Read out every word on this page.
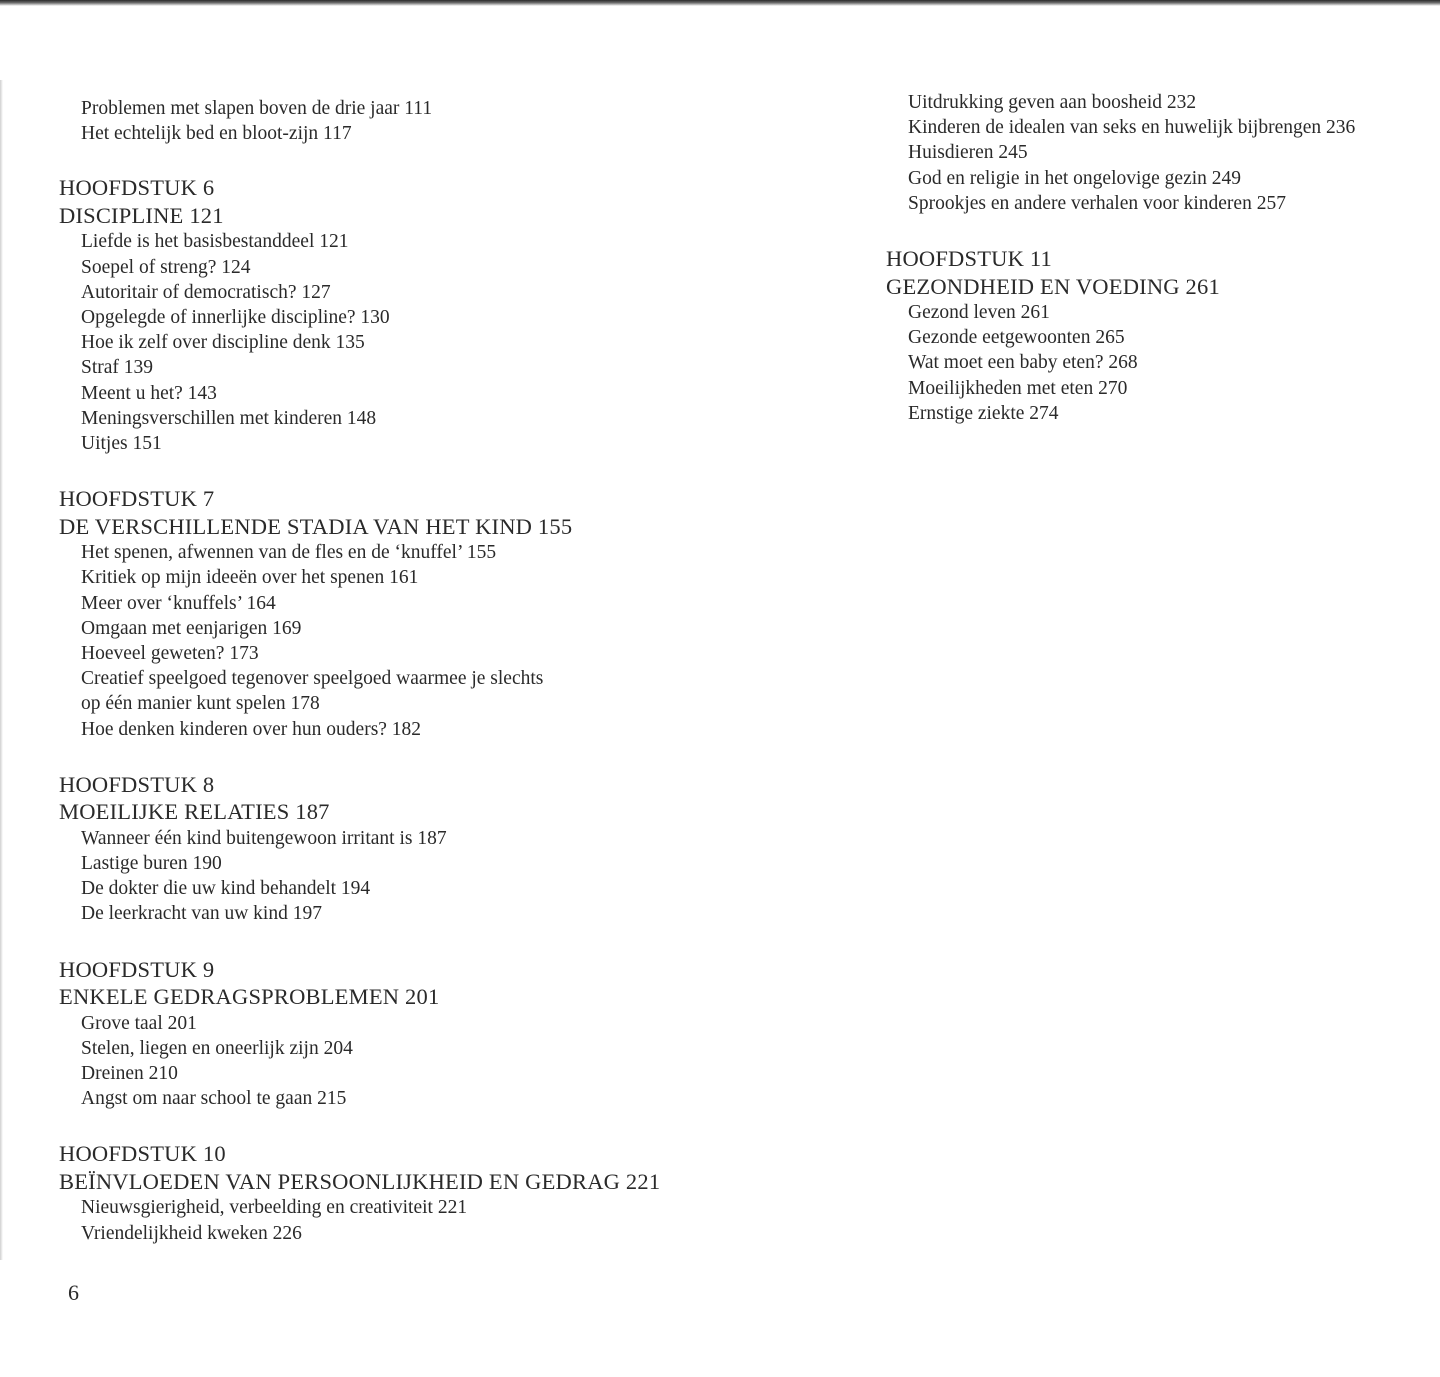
Problemen met slapen boven de drie jaar 111

Het echtelijk bed en bloot-zijn 117

HOOFDSTUK 6
DISCIPLINE 121
Liefde is het basisbestanddeel 121
Soepel of streng? 124
Autoritair of democratisch? 127
Opgelegde of innerlijke discipline? 130
Hoe ik zelf over discipline denk 135
Straf 139
Meent u het? 143
Meningsverschillen met kinderen 148
Uitjes 151
HOOFDSTUK 7
DE VERSCHILLENDE STADIA VAN HET KIND 155
Het spenen, afwennen van de fles en de ‘knuffel’ 155
Kritiek op mijn ideeën over het spenen 161
Meer over ‘knuffels’ 164
Omgaan met eenjarigen 169
Hoeveel geweten? 173
Creatief speelgoed tegenover speelgoed waarmee je slechts
op één manier kunt spelen 178
Hoe denken kinderen over hun ouders? 182
HOOFDSTUK 8
MOEILIJKE RELATIES 187
Wanneer één kind buitengewoon irritant is 187
Lastige buren 190
De dokter die uw kind behandelt 194
De leerkracht van uw kind 197
HOOFDSTUK 9
ENKELE GEDRAGSPROBLEMEN 201
Grove taal 201
Stelen, liegen en oneerlijk zijn 204
Dreinen 210
Angst om naar school te gaan 215
HOOFDSTUK 10
BEÏNVLOEDEN VAN PERSOONLIJKHEID EN GEDRAG 221
Nieuwsgierigheid, verbeelding en creativiteit 221
Vriendelijkheid kweken 226

Uitdrukking geven aan boosheid 232

Kinderen de idealen van seks en huwelijk bijbrengen 236

Huisdieren 245

God en religie in het ongelovige gezin 249

Sprookjes en andere verhalen voor kinderen 257

HOOFDSTUK 11
GEZONDHEID EN VOEDING 261
Gezond leven 261
Gezonde eetgewoonten 265
Wat moet een baby eten? 268
Moeilijkheden met eten 270
Ernstige ziekte 274
6
